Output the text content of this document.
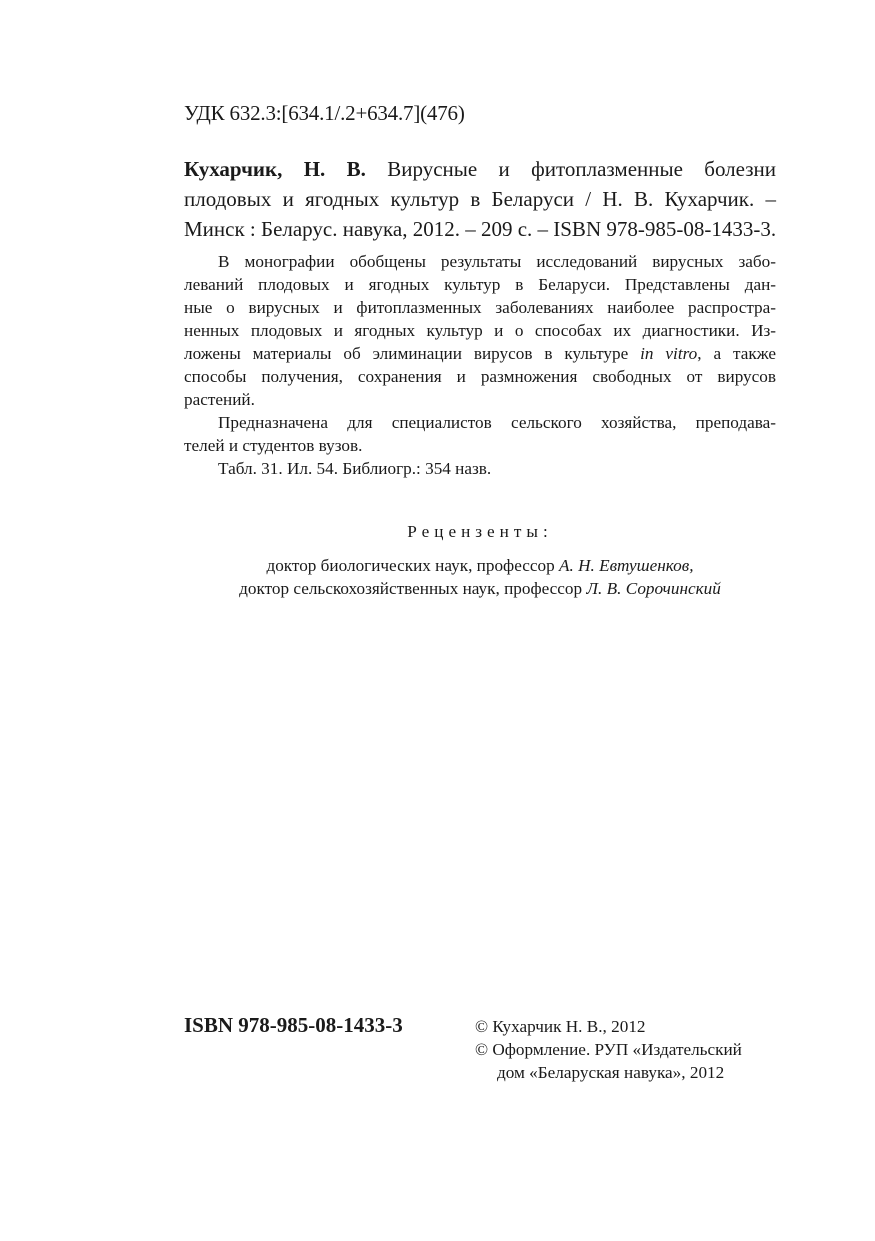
УДК 632.3:[634.1/.2+634.7](476)
Кухарчик, Н. В. Вирусные и фитоплазменные болезни
плодовых и ягодных культур в Беларуси / Н. В. Кухарчик. –
Минск : Беларус. навука, 2012. – 209 с. – ISBN 978-985-08-1433-3.
В монографии обобщены результаты исследований вирусных забо-
леваний плодовых и ягодных культур в Беларуси. Представлены дан-
ные о вирусных и фитоплазменных заболеваниях наиболее распростра-
ненных плодовых и ягодных культур и о способах их диагностики. Из-
ложены материалы об элиминации вирусов в культуре in vitro, а также
способы получения, сохранения и размножения свободных от вирусов
растений.
Предназначена для специалистов сельского хозяйства, преподава-
телей и студентов вузов.
Табл. 31. Ил. 54. Библиогр.: 354 назв.
Рецензенты:
доктор биологических наук, профессор А. Н. Евтушенков,
доктор сельскохозяйственных наук, профессор Л. В. Сорочинский
ISBN 978-985-08-1433-3	© Кухарчик Н. В., 2012
© Оформление. РУП «Издательский
дом «Беларуская навука», 2012
